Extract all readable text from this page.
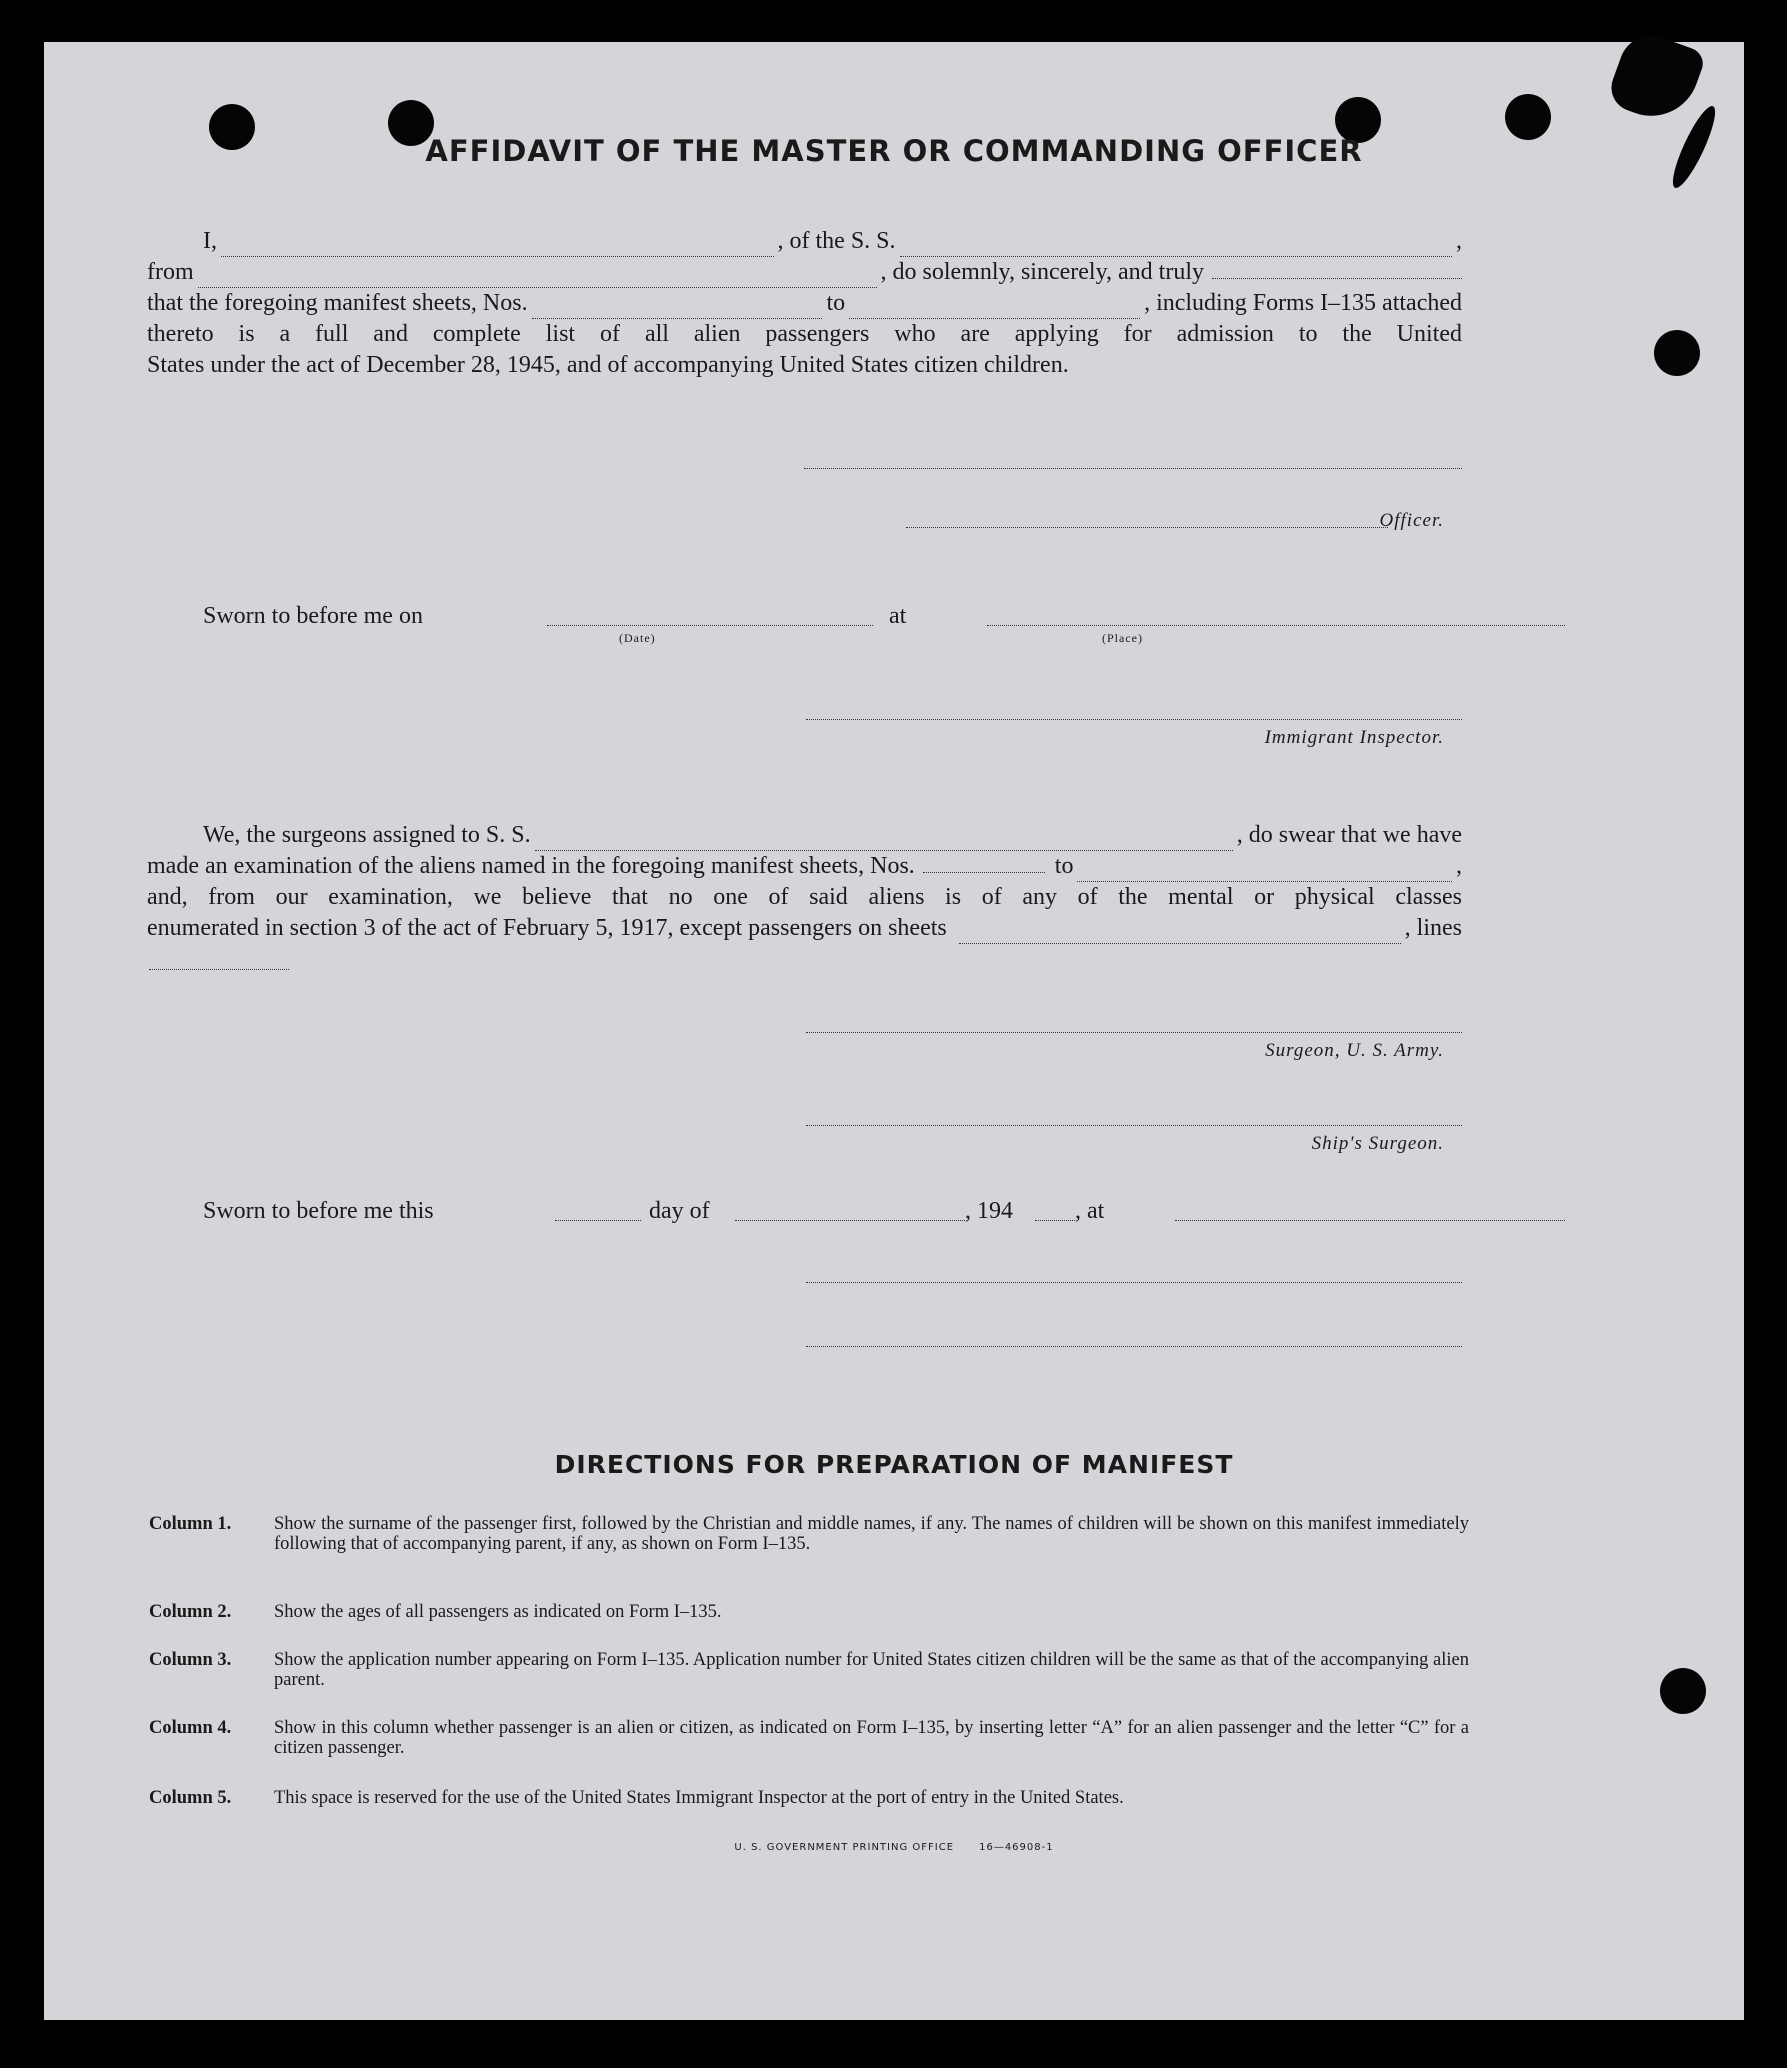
AFFIDAVIT OF THE MASTER OR COMMANDING OFFICER
I,	, of the S. S.	,
from	, do solemnly, sincerely, and truly
that the foregoing manifest sheets, Nos.	to	, including Forms I–135 attached
thereto is a full and complete list of all alien passengers who are applying for admission to the United
States under the act of December 28, 1945, and of accompanying United States citizen children.
Officer.
Sworn to before me on	at
(Date)	(Place)
Immigrant Inspector.
We, the surgeons assigned to S. S.	, do swear that we have
made an examination of the aliens named in the foregoing manifest sheets, Nos.	to	,
and, from our examination, we believe that no one of said aliens is of any of the mental or physical classes
enumerated in section 3 of the act of February 5, 1917, except passengers on sheets	, lines
Surgeon, U. S. Army.
Ship's Surgeon.
Sworn to before me this	day of	, 194	, at
DIRECTIONS FOR PREPARATION OF MANIFEST
Column 1.	Show the surname of the passenger first, followed by the Christian and middle names, if any. The names of children will be shown on this manifest immediately following that of accompanying parent, if any, as shown on Form I–135.
Column 2.	Show the ages of all passengers as indicated on Form I–135.
Column 3.	Show the application number appearing on Form I–135. Application number for United States citizen children will be the same as that of the accompanying alien parent.
Column 4.	Show in this column whether passenger is an alien or citizen, as indicated on Form I–135, by inserting letter “A” for an alien passenger and the letter “C” for a citizen passenger.
Column 5.	This space is reserved for the use of the United States Immigrant Inspector at the port of entry in the United States.
U. S. GOVERNMENT PRINTING OFFICE      16—46908-1
